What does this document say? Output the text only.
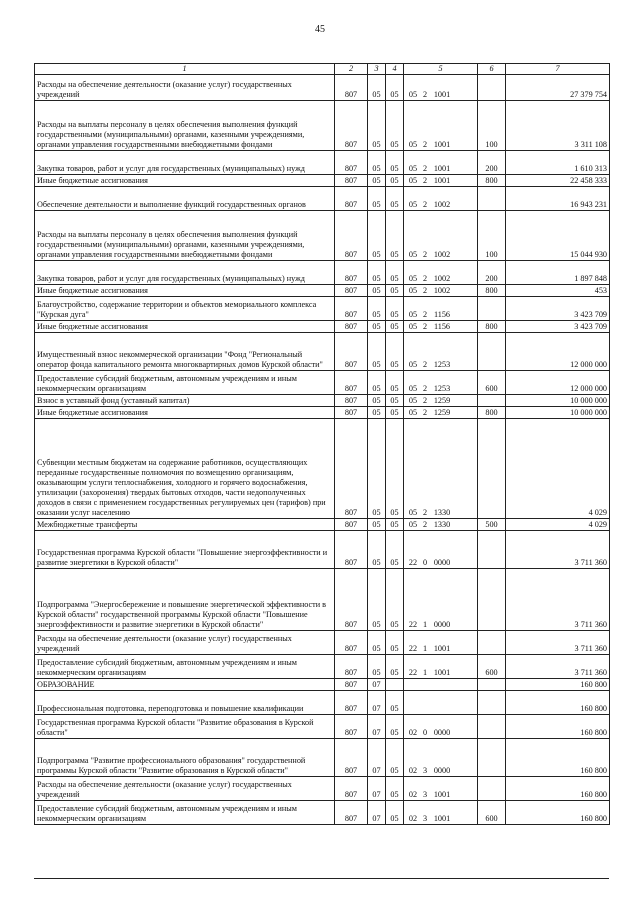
45
1	2	3	4	5	6	7
Расходы на обеспечение деятельности (оказание услуг) государственных учреждений	807	05	05	05 2 1001		27 379 754
Расходы на выплаты персоналу в целях обеспечения выполнения функций государственными (муниципальными) органами, казенными учреждениями, органами управления государственными внебюджетными фондами	807	05	05	05 2 1001	100	3 311 108
Закупка товаров, работ и услуг для государственных (муниципальных) нужд	807	05	05	05 2 1001	200	1 610 313
Иные бюджетные ассигнования	807	05	05	05 2 1001	800	22 458 333
Обеспечение деятельности и выполнение функций государственных органов	807	05	05	05 2 1002		16 943 231
Расходы на выплаты персоналу в целях обеспечения выполнения функций государственными (муниципальными) органами, казенными учреждениями, органами управления государственными внебюджетными фондами	807	05	05	05 2 1002	100	15 044 930
Закупка товаров, работ и услуг для государственных (муниципальных) нужд	807	05	05	05 2 1002	200	1 897 848
Иные бюджетные ассигнования	807	05	05	05 2 1002	800	453
Благоустройство, содержание территории и объектов мемориального комплекса "Курская дуга"	807	05	05	05 2 1156		3 423 709
Иные бюджетные ассигнования	807	05	05	05 2 1156	800	3 423 709
Имущественный взнос некоммерческой организации "Фонд "Региональный оператор фонда капитального ремонта многоквартирных домов Курской области"	807	05	05	05 2 1253		12 000 000
Предоставление субсидий бюджетным, автономным учреждениям и иным некоммерческим организациям	807	05	05	05 2 1253	600	12 000 000
Взнос в уставный фонд (уставный капитал)	807	05	05	05 2 1259		10 000 000
Иные бюджетные ассигнования	807	05	05	05 2 1259	800	10 000 000
Субвенции местным бюджетам на содержание работников, осуществляющих переданные государственные полномочия по возмещению организациям, оказывающим услуги теплоснабжения, холодного и горячего водоснабжения, утилизации (захоронения) твердых бытовых отходов, части недополученных доходов в связи с применением государственных регулируемых цен (тарифов) при оказании услуг населению	807	05	05	05 2 1330		4 029
Межбюджетные трансферты	807	05	05	05 2 1330	500	4 029
Государственная программа Курской области "Повышение энергоэффективности и развитие энергетики в Курской области"	807	05	05	22 0 0000		3 711 360
Подпрограмма "Энергосбережение и повышение энергетической эффективности в Курской области" государственной программы Курской области "Повышение энергоэффективности и развитие энергетики в Курской области"	807	05	05	22 1 0000		3 711 360
Расходы на обеспечение деятельности (оказание услуг) государственных учреждений	807	05	05	22 1 1001		3 711 360
Предоставление субсидий бюджетным, автономным учреждениям и иным некоммерческим организациям	807	05	05	22 1 1001	600	3 711 360
ОБРАЗОВАНИЕ	807	07				160 800
Профессиональная подготовка, переподготовка и повышение квалификации	807	07	05			160 800
Государственная программа Курской области "Развитие образования в Курской области"	807	07	05	02 0 0000		160 800
Подпрограмма "Развитие профессионального образования" государственной программы Курской области "Развитие образования в Курской области"	807	07	05	02 3 0000		160 800
Расходы на обеспечение деятельности (оказание услуг) государственных учреждений	807	07	05	02 3 1001		160 800
Предоставление субсидий бюджетным, автономным учреждениям и иным некоммерческим организациям	807	07	05	02 3 1001	600	160 800
